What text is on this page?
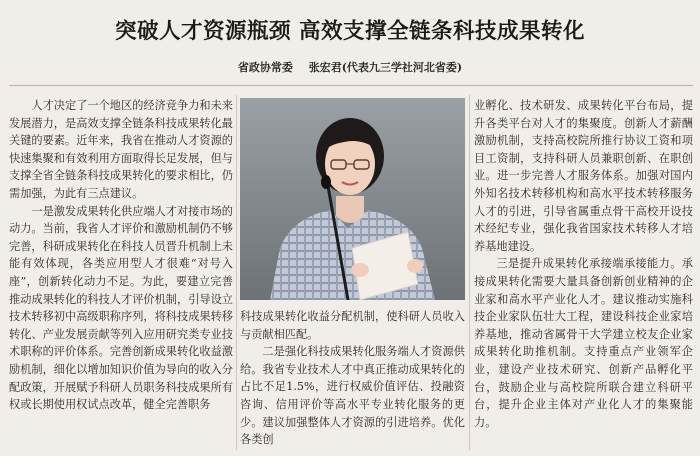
突破人才资源瓶颈 高效支撑全链条科技成果转化
省政协常委 张宏君(代表九三学社河北省委)

人才决定了一个地区的经济竞争力和未来发展潜力，是高效支撑全链条科技成果转化最关键的要素。近年来，我省在推动人才资源的快速集聚和有效利用方面取得长足发展，但与支撑全省全链条科技成果转化的要求相比，仍需加强，为此有三点建议。

一是激发成果转化供应端人才对接市场的动力。当前，我省人才评价和激励机制仍不够完善，科研成果转化在科技人员晋升机制上未能有效体现，各类应用型人才很难“对号入座”，创新转化动力不足。为此，要建立完善推动成果转化的科技人才评价机制，引导设立技术转移初中高级职称序列，将科技成果转移转化、产业发展贡献等列入应用研究类专业技术职称的评价体系。完善创新成果转化收益激励机制，细化以增加知识价值为导向的收入分配政策，开展赋予科研人员职务科技成果所有权或长期使用权试点改革，健全完善职务

科技成果转化收益分配机制，使科研人员收入与贡献相匹配。

二是强化科技成果转化服务端人才资源供给。我省专业技术人才中真正推动成果转化的占比不足1.5%，进行权威价值评估、投融资咨询、信用评价等高水平专业转化服务的更少。建议加强整体人才资源的引进培养。优化各类创

业孵化、技术研发、成果转化平台布局，提升各类平台对人才的集聚度。创新人才薪酬激励机制，支持高校院所推行协议工资和项目工资制，支持科研人员兼职创新、在职创业。进一步完善人才服务体系。加强对国内外知名技术转移机构和高水平技术转移服务人才的引进，引导省属重点骨干高校开设技术经纪专业，强化我省国家技术转移人才培养基地建设。

三是提升成果转化承接端承接能力。承接成果转化需要大量具备创新创业精神的企业家和高水平产业化人才。建议推动实施科技企业家队伍壮大工程，建设科技企业家培养基地，推动省属骨干大学建立校友企业家成果转化助推机制。支持重点产业领军企业，建设产业技术研究、创新产品孵化平台，鼓励企业与高校院所联合建立科研平台，提升企业主体对产业化人才的集聚能力。
